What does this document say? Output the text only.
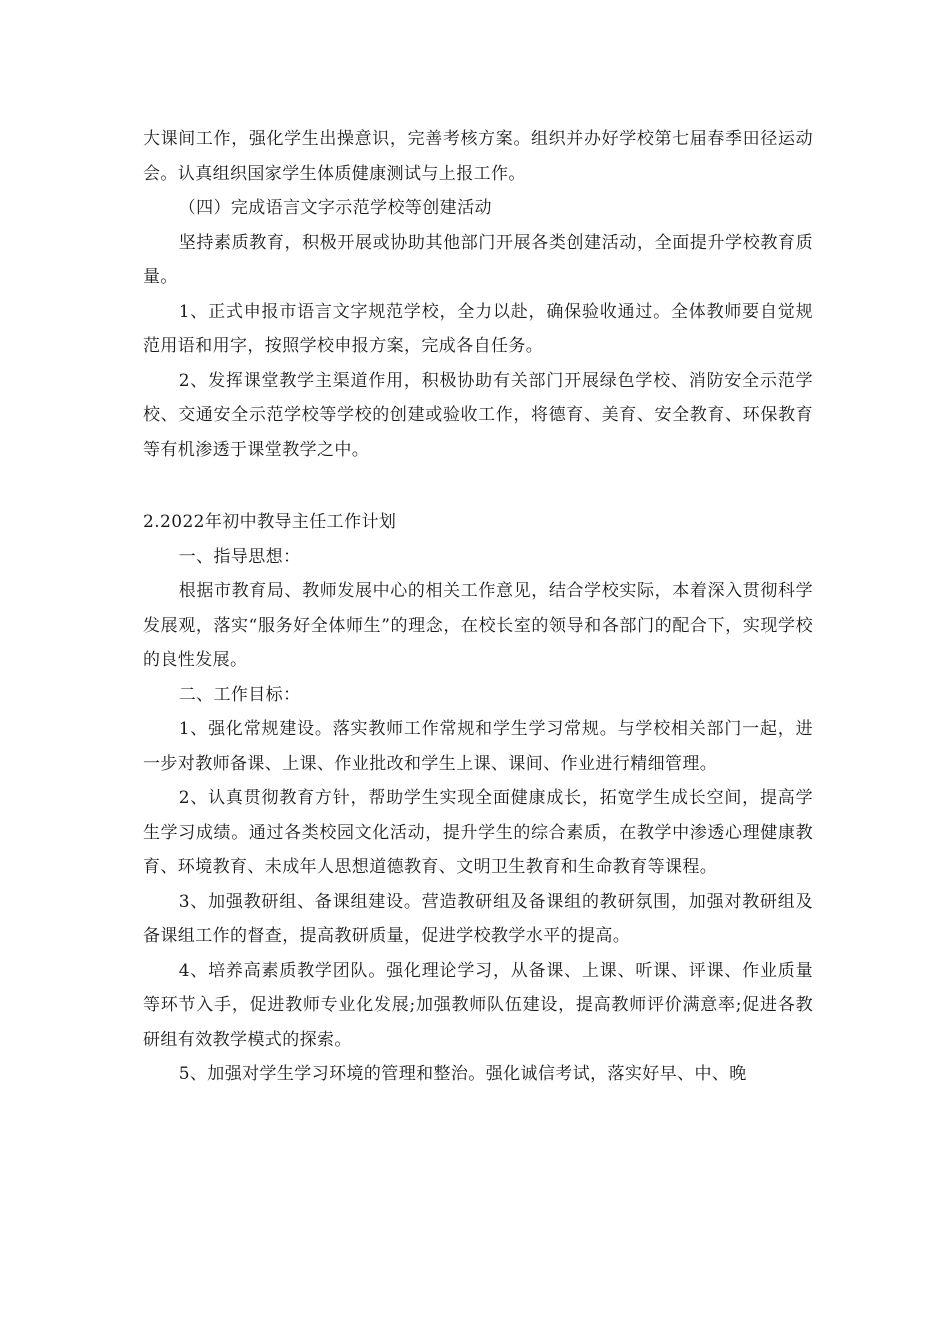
大课间工作，强化学生出操意识，完善考核方案。组织并办好学校第七届春季田径运动会。认真组织国家学生体质健康测试与上报工作。

（四）完成语言文字示范学校等创建活动

坚持素质教育，积极开展或协助其他部门开展各类创建活动，全面提升学校教育质量。

1、正式申报市语言文字规范学校，全力以赴，确保验收通过。全体教师要自觉规范用语和用字，按照学校申报方案，完成各自任务。

2、发挥课堂教学主渠道作用，积极协助有关部门开展绿色学校、消防安全示范学校、交通安全示范学校等学校的创建或验收工作，将德育、美育、安全教育、环保教育等有机渗透于课堂教学之中。

2.2022年初中教导主任工作计划

一、指导思想：

根据市教育局、教师发展中心的相关工作意见，结合学校实际，本着深入贯彻科学发展观，落实“服务好全体师生”的理念，在校长室的领导和各部门的配合下，实现学校的良性发展。

二、工作目标：

1、强化常规建设。落实教师工作常规和学生学习常规。与学校相关部门一起，进一步对教师备课、上课、作业批改和学生上课、课间、作业进行精细管理。

2、认真贯彻教育方针，帮助学生实现全面健康成长，拓宽学生成长空间，提高学生学习成绩。通过各类校园文化活动，提升学生的综合素质，在教学中渗透心理健康教育、环境教育、未成年人思想道德教育、文明卫生教育和生命教育等课程。

3、加强教研组、备课组建设。营造教研组及备课组的教研氛围，加强对教研组及备课组工作的督查，提高教研质量，促进学校教学水平的提高。

4、培养高素质教学团队。强化理论学习，从备课、上课、听课、评课、作业质量等环节入手，促进教师专业化发展;加强教师队伍建设，提高教师评价满意率;促进各教研组有效教学模式的探索。

5、加强对学生学习环境的管理和整治。强化诚信考试，落实好早、中、晚
